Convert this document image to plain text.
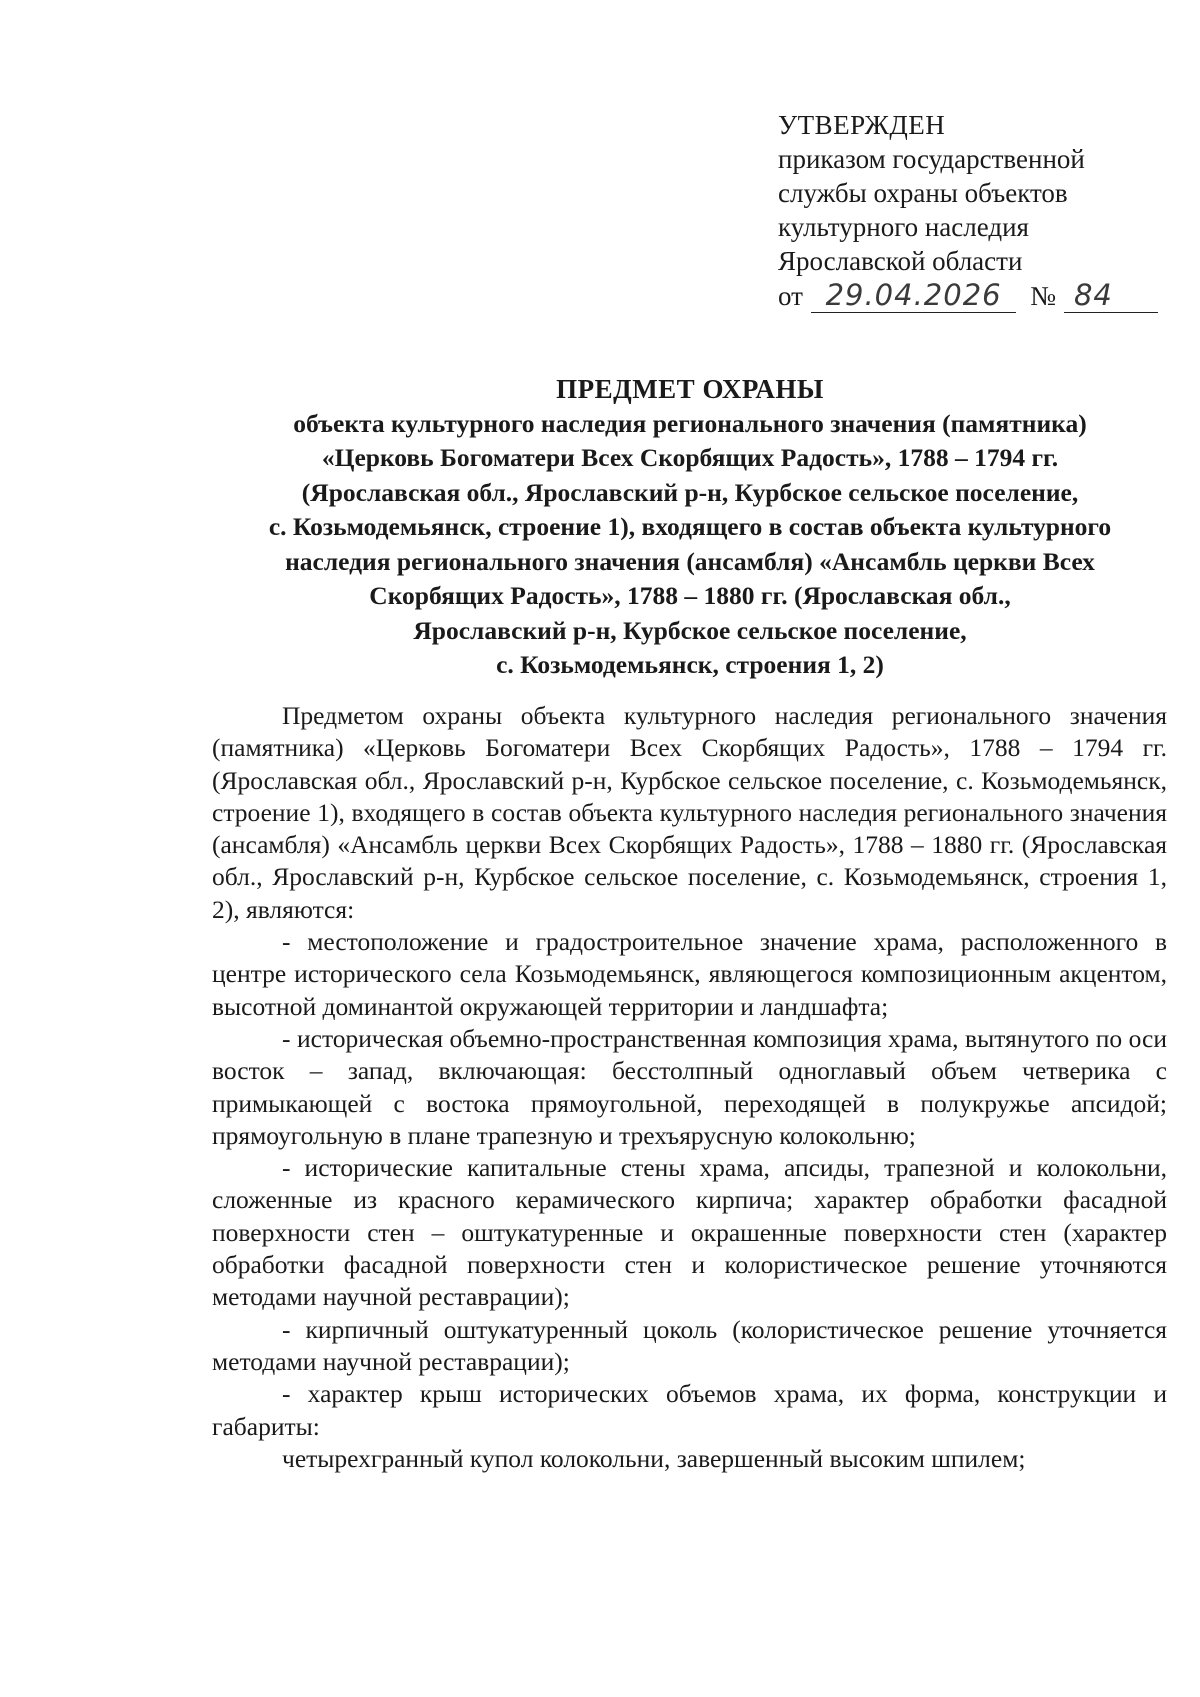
УТВЕРЖДЕН
приказом государственной
службы охраны объектов
культурного наследия
Ярославской области
от 29.04.2026	№ 84
ПРЕДМЕТ ОХРАНЫ
объекта культурного наследия регионального значения (памятника)
«Церковь Богоматери Всех Скорбящих Радость», 1788 – 1794 гг.
(Ярославская обл., Ярославский р-н, Курбское сельское поселение,
с. Козьмодемьянск, строение 1), входящего в состав объекта культурного
наследия регионального значения (ансамбля) «Ансамбль церкви Всех
Скорбящих Радость», 1788 – 1880 гг. (Ярославская обл.,
Ярославский р-н, Курбское сельское поселение,
с. Козьмодемьянск, строения 1, 2)

Предметом охраны объекта культурного наследия регионального значения (памятника) «Церковь Богоматери Всех Скорбящих Радость», 1788 – 1794 гг. (Ярославская обл., Ярославский р-н, Курбское сельское поселение, с. Козьмодемьянск, строение 1), входящего в состав объекта культурного наследия регионального значения (ансамбля) «Ансамбль церкви Всех Скорбящих Радость», 1788 – 1880 гг. (Ярославская обл., Ярославский р-н, Курбское сельское поселение, с. Козьмодемьянск, строения 1, 2), являются:

- местоположение и градостроительное значение храма, расположенного в центре исторического села Козьмодемьянск, являющегося композиционным акцентом, высотной доминантой окружающей территории и ландшафта;

- историческая объемно-пространственная композиция храма, вытянутого по оси восток – запад, включающая: бесстолпный одноглавый объем четверика с примыкающей с востока прямоугольной, переходящей в полукружье апсидой; прямоугольную в плане трапезную и трехъярусную колокольню;

- исторические капитальные стены храма, апсиды, трапезной и колокольни, сложенные из красного керамического кирпича; характер обработки фасадной поверхности стен – оштукатуренные и окрашенные поверхности стен (характер обработки фасадной поверхности стен и колористическое решение уточняются методами научной реставрации);

- кирпичный оштукатуренный цоколь (колористическое решение уточняется методами научной реставрации);

- характер крыш исторических объемов храма, их форма, конструкции и габариты:

четырехгранный купол колокольни, завершенный высоким шпилем;
